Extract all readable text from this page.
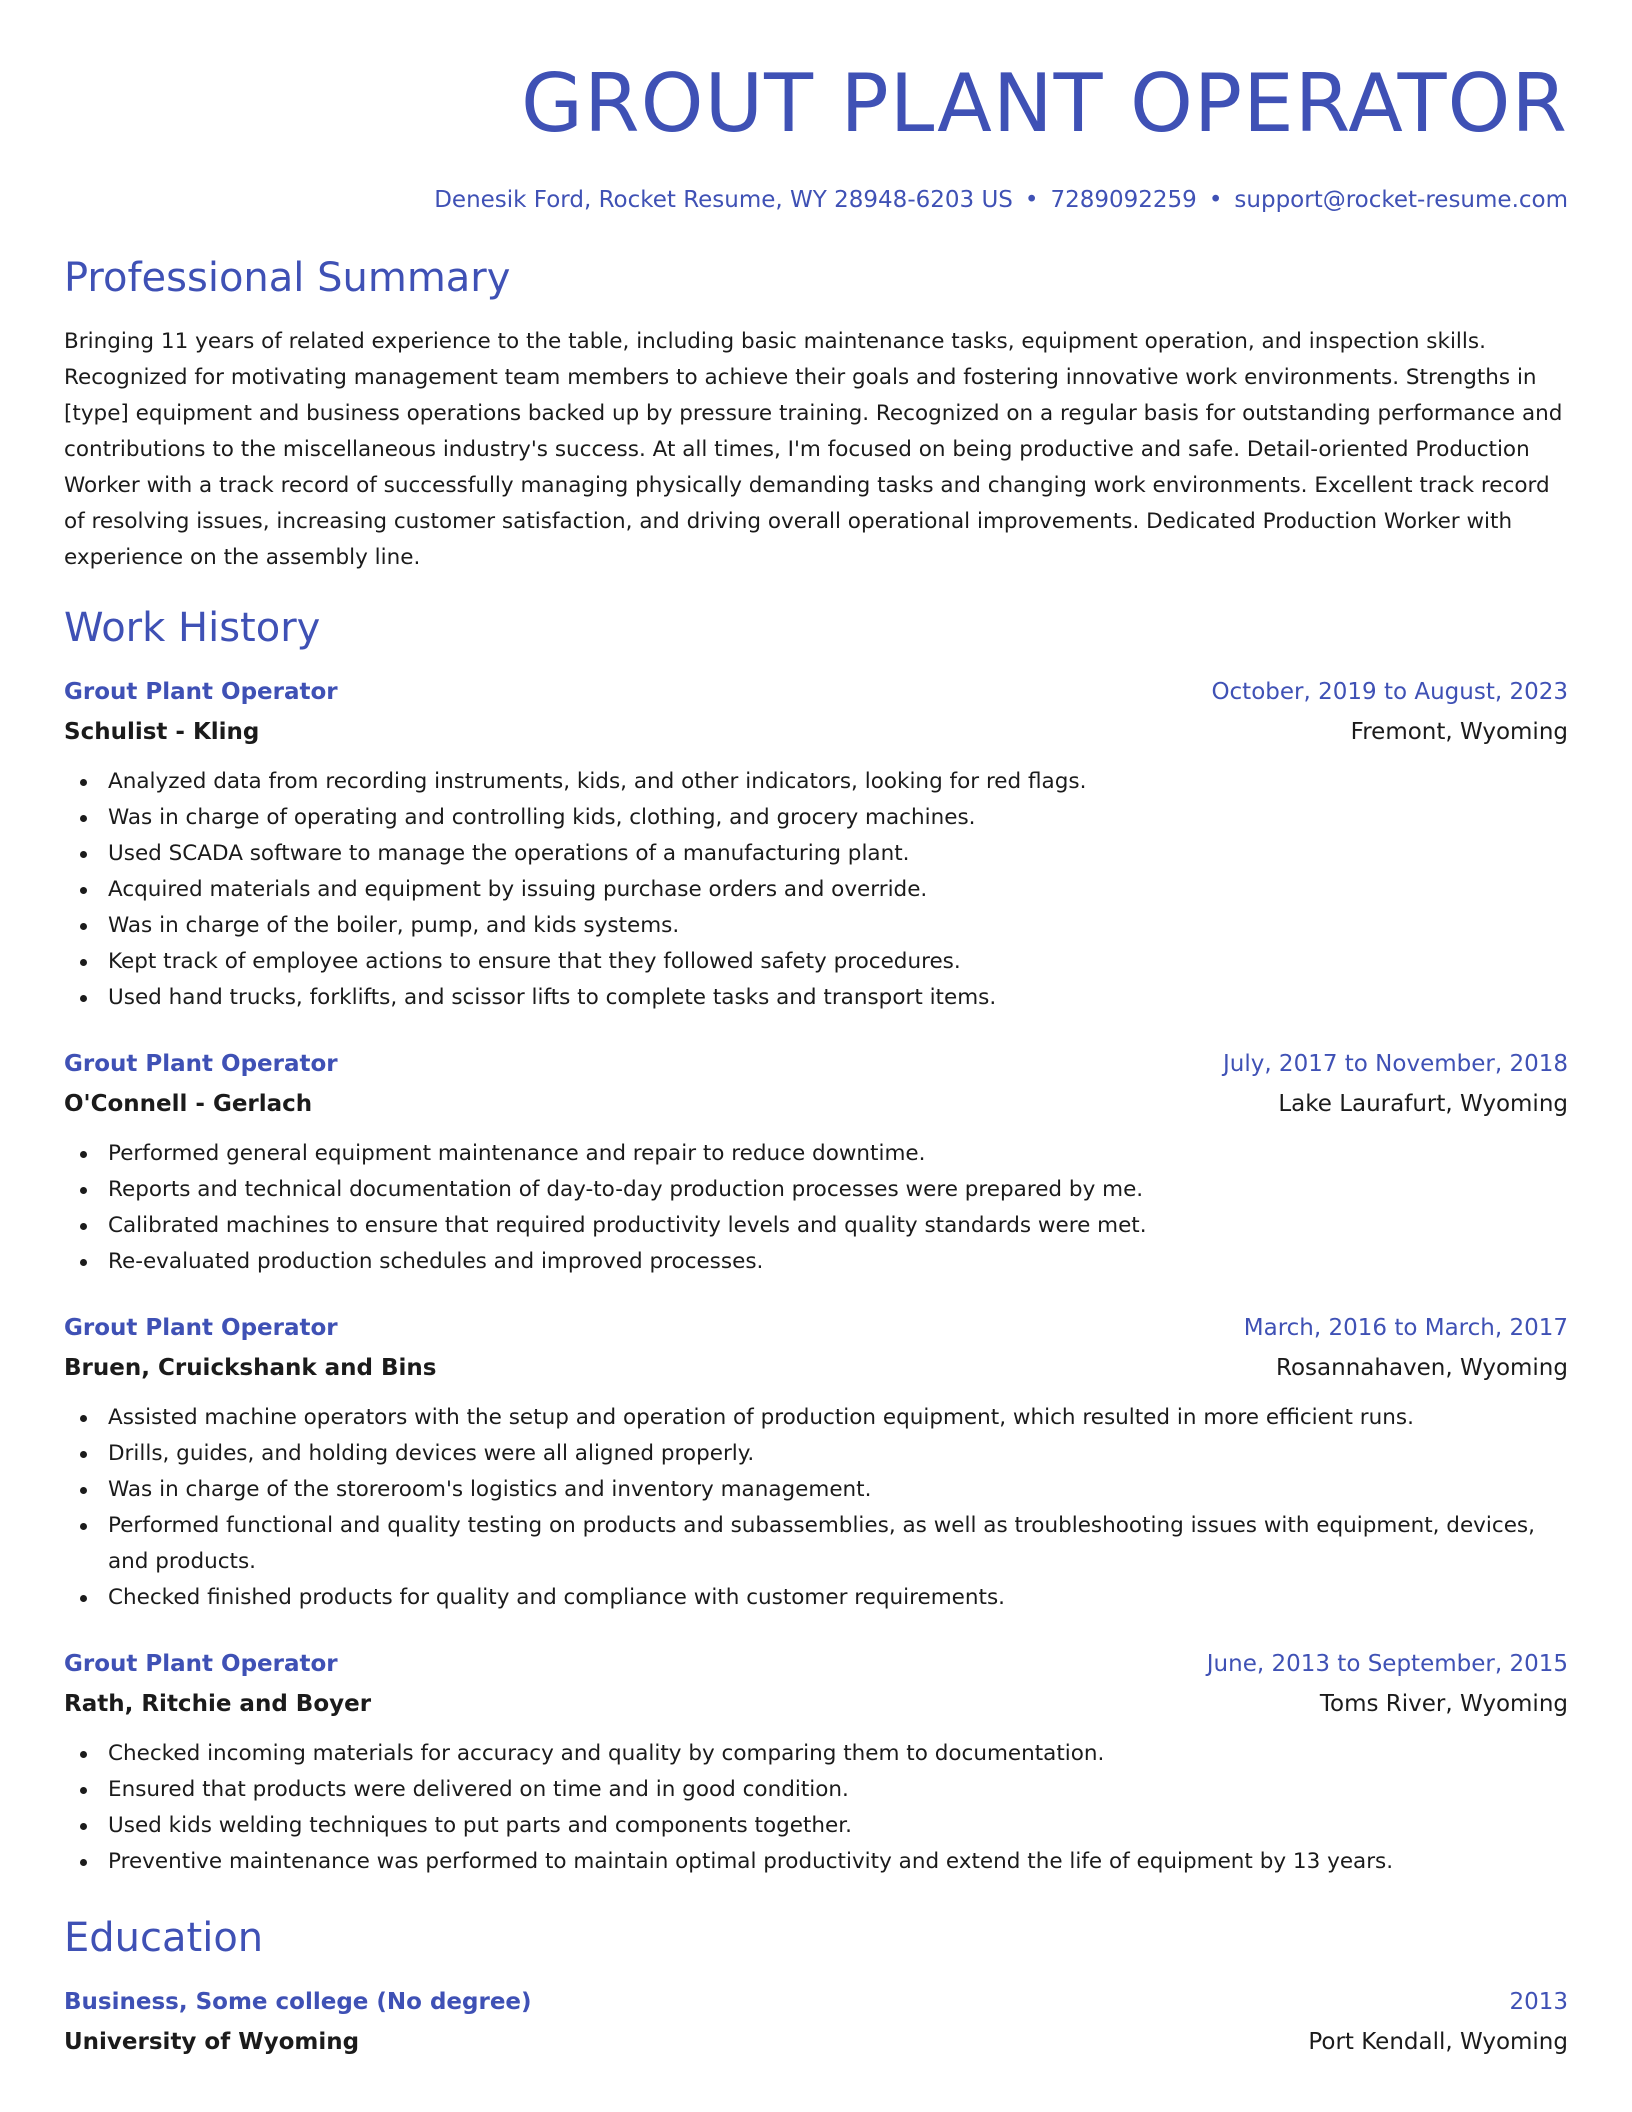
GROUT PLANT OPERATOR
Denesik Ford, Rocket Resume, WY 28948-6203 US • 7289092259 • support@rocket-resume.com
Professional Summary

Bringing 11 years of related experience to the table, including basic maintenance tasks, equipment operation, and inspection skills. Recognized for motivating management team members to achieve their goals and fostering innovative work environments. Strengths in [type] equipment and business operations backed up by pressure training. Recognized on a regular basis for outstanding performance and contributions to the miscellaneous industry's success. At all times, I'm focused on being productive and safe. Detail-oriented Production Worker with a track record of successfully managing physically demanding tasks and changing work environments. Excellent track record of resolving issues, increasing customer satisfaction, and driving overall operational improvements. Dedicated Production Worker with experience on the assembly line.

Work History
Grout Plant Operator	October, 2019 to August, 2023
Schulist - Kling	Fremont, Wyoming
Analyzed data from recording instruments, kids, and other indicators, looking for red flags.
Was in charge of operating and controlling kids, clothing, and grocery machines.
Used SCADA software to manage the operations of a manufacturing plant.
Acquired materials and equipment by issuing purchase orders and override.
Was in charge of the boiler, pump, and kids systems.
Kept track of employee actions to ensure that they followed safety procedures.
Used hand trucks, forklifts, and scissor lifts to complete tasks and transport items.
Grout Plant Operator	July, 2017 to November, 2018
O'Connell - Gerlach	Lake Laurafurt, Wyoming
Performed general equipment maintenance and repair to reduce downtime.
Reports and technical documentation of day-to-day production processes were prepared by me.
Calibrated machines to ensure that required productivity levels and quality standards were met.
Re-evaluated production schedules and improved processes.
Grout Plant Operator	March, 2016 to March, 2017
Bruen, Cruickshank and Bins	Rosannahaven, Wyoming
Assisted machine operators with the setup and operation of production equipment, which resulted in more efficient runs.
Drills, guides, and holding devices were all aligned properly.
Was in charge of the storeroom's logistics and inventory management.
Performed functional and quality testing on products and subassemblies, as well as troubleshooting issues with equipment, devices, and products.
Checked finished products for quality and compliance with customer requirements.
Grout Plant Operator	June, 2013 to September, 2015
Rath, Ritchie and Boyer	Toms River, Wyoming
Checked incoming materials for accuracy and quality by comparing them to documentation.
Ensured that products were delivered on time and in good condition.
Used kids welding techniques to put parts and components together.
Preventive maintenance was performed to maintain optimal productivity and extend the life of equipment by 13 years.
Education
Business, Some college (No degree)	2013
University of Wyoming	Port Kendall, Wyoming
